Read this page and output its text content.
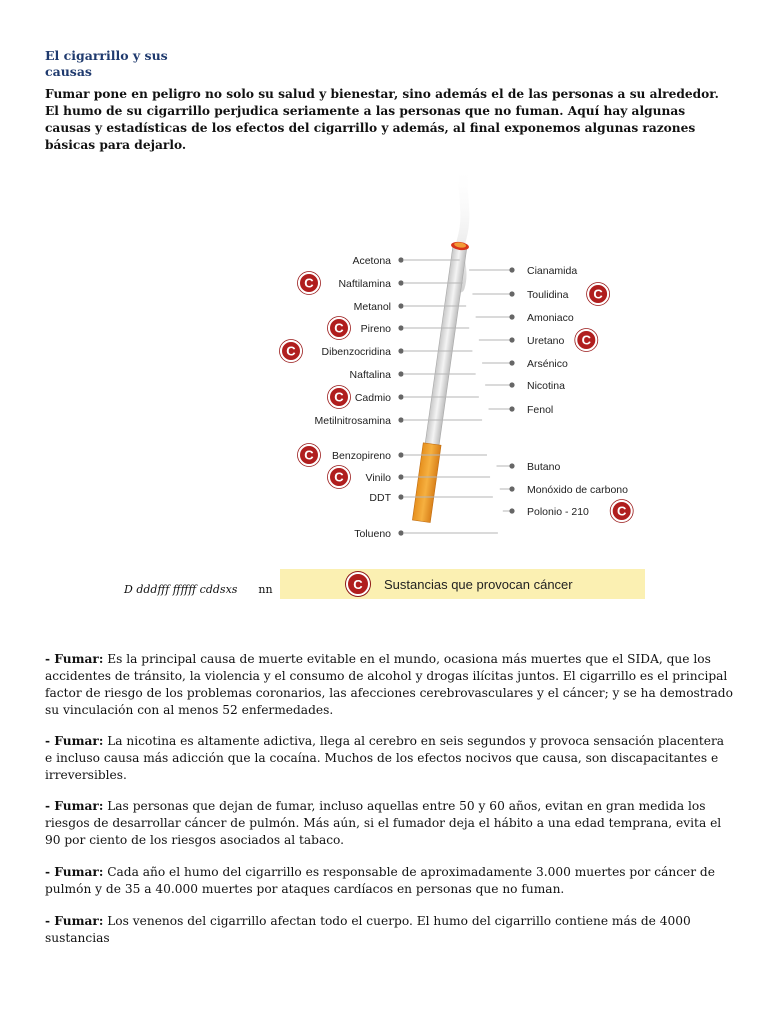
El cigarrillo y sus causas
Fumar pone en peligro no solo su salud y bienestar, sino además el de las personas a su alrededor. El humo de su cigarrillo perjudica seriamente a las personas que no fuman. Aquí hay algunas causas y estadísticas de los efectos del cigarrillo y además, al final exponemos algunas razones básicas para dejarlo.
Acetona
Naftilamina
C
Metanol
Pireno
C
Dibenzocridina
C
Naftalina
Cadmio
C
Metilnitrosamina
Benzopireno
C
Vinilo
C
DDT
Tolueno
Cianamida
Toulidina C
Amoniaco
Uretano C
Arsénico
Nicotina
Fenol
Butano
Monóxido de carbono
Polonio - 210 C
D dddfff ffffff cddsxs nn	C	Sustancias que provocan cáncer
- Fumar: Es la principal causa de muerte evitable en el mundo, ocasiona más muertes que el SIDA, que los accidentes de tránsito, la violencia y el consumo de alcohol y drogas ilícitas juntos. El cigarrillo es el principal factor de riesgo de los problemas coronarios, las afecciones cerebrovasculares y el cáncer; y se ha demostrado su vinculación con al menos 52 enfermedades.
- Fumar: La nicotina es altamente adictiva, llega al cerebro en seis segundos y provoca sensación placentera e incluso causa más adicción que la cocaína. Muchos de los efectos nocivos que causa, son discapacitantes e irreversibles.
- Fumar: Las personas que dejan de fumar, incluso aquellas entre 50 y 60 años, evitan en gran medida los riesgos de desarrollar cáncer de pulmón. Más aún, si el fumador deja el hábito a una edad temprana, evita el 90 por ciento de los riesgos asociados al tabaco.
- Fumar: Cada año el humo del cigarrillo es responsable de aproximadamente 3.000 muertes por cáncer de pulmón y de 35 a 40.000 muertes por ataques cardíacos en personas que no fuman.
- Fumar: Los venenos del cigarrillo afectan todo el cuerpo. El humo del cigarrillo contiene más de 4000 sustancias
